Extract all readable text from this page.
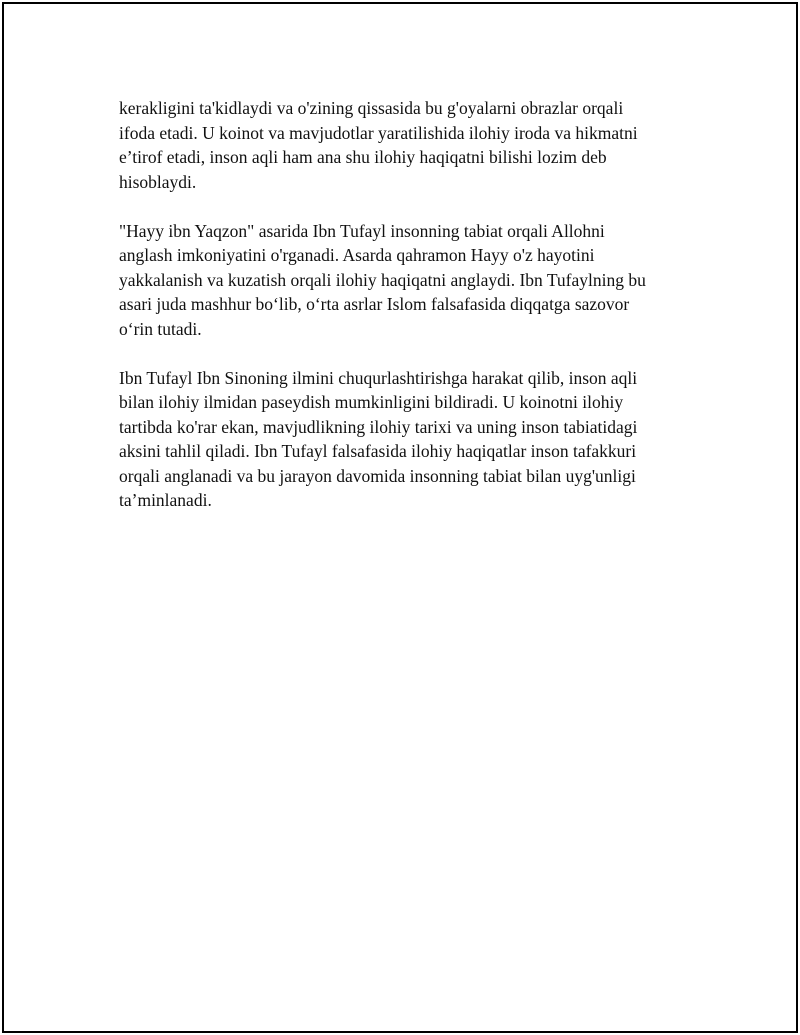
kerakligini ta'kidlaydi va o'zining qissasida bu g'oyalarni obrazlar orqali
ifoda etadi. U koinot va mavjudotlar yaratilishida ilohiy iroda va hikmatni
e’tirof etadi, inson aqli ham ana shu ilohiy haqiqatni bilishi lozim deb
hisoblaydi.

"Hayy ibn Yaqzon" asarida Ibn Tufayl insonning tabiat orqali Allohni
anglash imkoniyatini o'rganadi. Asarda qahramon Hayy o'z hayotini
yakkalanish va kuzatish orqali ilohiy haqiqatni anglaydi. Ibn Tufaylning bu
asari juda mashhur bo‘lib, o‘rta asrlar Islom falsafasida diqqatga sazovor
o‘rin tutadi.

Ibn Tufayl Ibn Sinoning ilmini chuqurlashtirishga harakat qilib, inson aqli
bilan ilohiy ilmidan paseydish mumkinligini bildiradi. U koinotni ilohiy
tartibda ko'rar ekan, mavjudlikning ilohiy tarixi va uning inson tabiatidagi
aksini tahlil qiladi. Ibn Tufayl falsafasida ilohiy haqiqatlar inson tafakkuri
orqali anglanadi va bu jarayon davomida insonning tabiat bilan uyg'unligi
ta’minlanadi.
